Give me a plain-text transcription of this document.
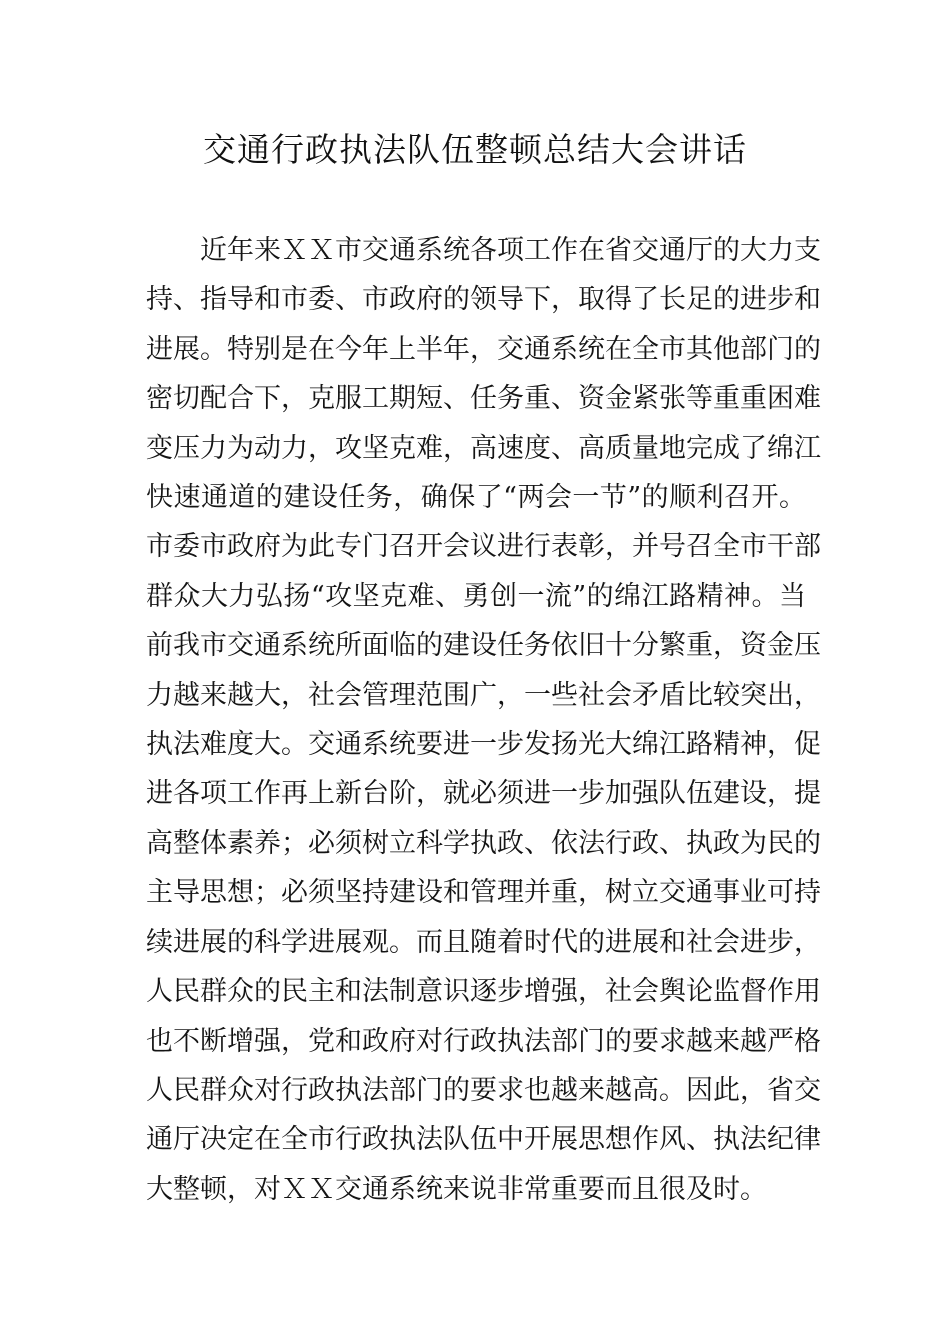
交通行政执法队伍整顿总结大会讲话
近年来ＸＸ市交通系统各项工作在省交通厅的大力支
持、指导和市委、市政府的领导下，取得了长足的进步和
进展。特别是在今年上半年，交通系统在全市其他部门的
密切配合下，克服工期短、任务重、资金紧张等重重困难
变压力为动力，攻坚克难，高速度、高质量地完成了绵江
快速通道的建设任务，确保了“两会一节”的顺利召开。
市委市政府为此专门召开会议进行表彰，并号召全市干部
群众大力弘扬“攻坚克难、勇创一流”的绵江路精神。当
前我市交通系统所面临的建设任务依旧十分繁重，资金压
力越来越大，社会管理范围广，一些社会矛盾比较突出，
执法难度大。交通系统要进一步发扬光大绵江路精神，促
进各项工作再上新台阶，就必须进一步加强队伍建设，提
高整体素养；必须树立科学执政、依法行政、执政为民的
主导思想；必须坚持建设和管理并重，树立交通事业可持
续进展的科学进展观。而且随着时代的进展和社会进步，
人民群众的民主和法制意识逐步增强，社会舆论监督作用
也不断增强，党和政府对行政执法部门的要求越来越严格
人民群众对行政执法部门的要求也越来越高。因此，省交
通厅决定在全市行政执法队伍中开展思想作风、执法纪律
大整顿，对ＸＸ交通系统来说非常重要而且很及时。
